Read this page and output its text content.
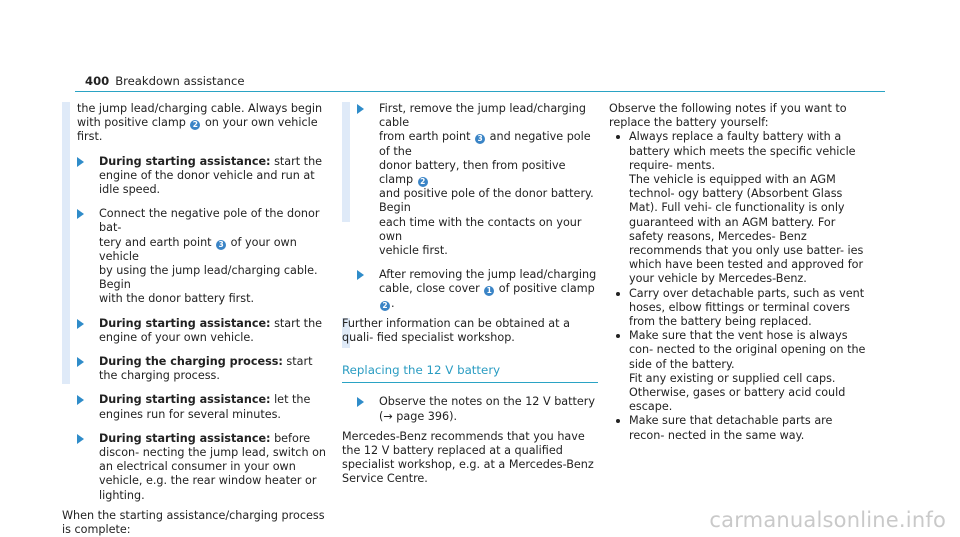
400 Breakdown assistance

the jump lead/charging cable. Always begin
with positive clamp 2 on your own vehicle
first.

During starting assistance: start the engine of the donor vehicle and run at idle speed.

Connect the negative pole of the donor bat-
tery and earth point 3 of your own vehicle
by using the jump lead/charging cable. Begin
with the donor battery first.

During starting assistance: start the engine of your own vehicle.

During the charging process: start the charging process.

During starting assistance: let the engines run for several minutes.

During starting assistance: before discon- necting the jump lead, switch on an electrical consumer in your own vehicle, e.g. the rear window heater or lighting.

When the starting assistance/charging process is complete:

First, remove the jump lead/charging cable
from earth point 3 and negative pole of the
donor battery, then from positive clamp 2
and positive pole of the donor battery. Begin
each time with the contacts on your own
vehicle first.

After removing the jump lead/charging
cable, close cover 1 of positive clamp 2 .

Further information can be obtained at a quali- fied specialist workshop.

Replacing the 12 V battery

Observe the notes on the 12 V battery
(→ page 396).

Mercedes-Benz recommends that you have the 12 V battery replaced at a qualified specialist workshop, e.g. at a Mercedes-Benz Service Centre.

Observe the following notes if you want to replace the battery yourself:

Always replace a faulty battery with a battery which meets the specific vehicle require- ments.

The vehicle is equipped with an AGM technol- ogy battery (Absorbent Glass Mat). Full vehi- cle functionality is only guaranteed with an AGM battery. For safety reasons, Mercedes- Benz recommends that you only use batter- ies which have been tested and approved for your vehicle by Mercedes-Benz.

Carry over detachable parts, such as vent hoses, elbow fittings or terminal covers from the battery being replaced.

Make sure that the vent hose is always con- nected to the original opening on the side of the battery.

Fit any existing or supplied cell caps.

Otherwise, gases or battery acid could escape.

Make sure that detachable parts are recon- nected in the same way.

carmanualsonline.info
